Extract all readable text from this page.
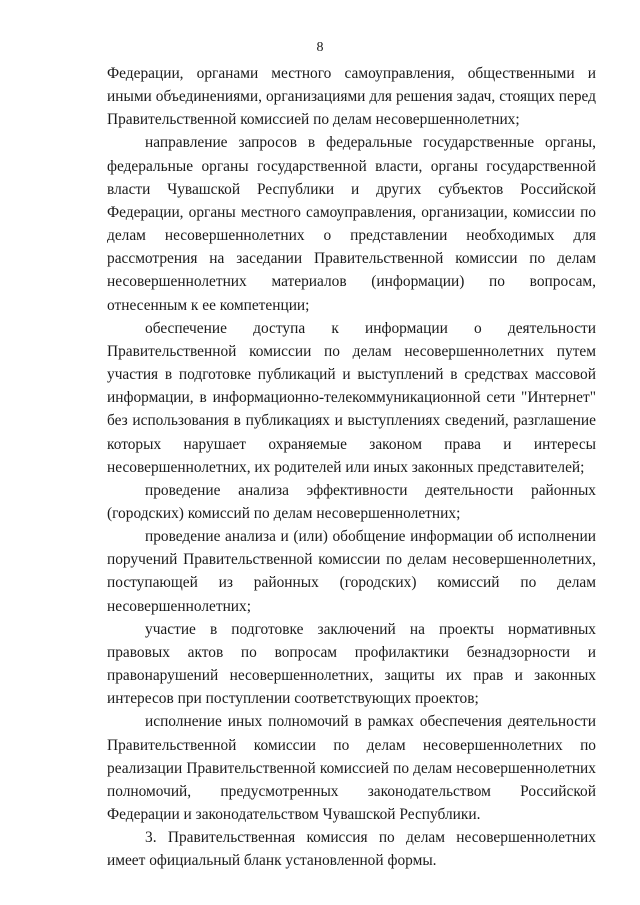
8

Федерации, органами местного самоуправления, общественными и иными объединениями, организациями для решения задач, стоящих перед Правительственной комиссией по делам несовершеннолетних;

направление запросов в федеральные государственные органы, федеральные органы государственной власти, органы государственной власти Чувашской Республики и других субъектов Российской Федерации, органы местного самоуправления, организации, комиссии по делам несовершеннолетних о представлении необходимых для рассмотрения на заседании Правительственной комиссии по делам несовершеннолетних материалов (информации) по вопросам, отнесенным к ее компетенции;

обеспечение доступа к информации о деятельности Правительственной комиссии по делам несовершеннолетних путем участия в подготовке публикаций и выступлений в средствах массовой информации, в информационно-телекоммуникационной сети "Интернет" без использования в публикациях и выступлениях сведений, разглашение которых нарушает охраняемые законом права и интересы несовершеннолетних, их родителей или иных законных представителей;

проведение анализа эффективности деятельности районных (городских) комиссий по делам несовершеннолетних;

проведение анализа и (или) обобщение информации об исполнении поручений Правительственной комиссии по делам несовершеннолетних, поступающей из районных (городских) комиссий по делам несовершеннолетних;

участие в подготовке заключений на проекты нормативных правовых актов по вопросам профилактики безнадзорности и правонарушений несовершеннолетних, защиты их прав и законных интересов при поступлении соответствующих проектов;

исполнение иных полномочий в рамках обеспечения деятельности Правительственной комиссии по делам несовершеннолетних по реализации Правительственной комиссией по делам несовершеннолетних полномочий, предусмотренных законодательством Российской Федерации и законодательством Чувашской Республики.

3. Правительственная комиссия по делам несовершеннолетних имеет официальный бланк установленной формы.
